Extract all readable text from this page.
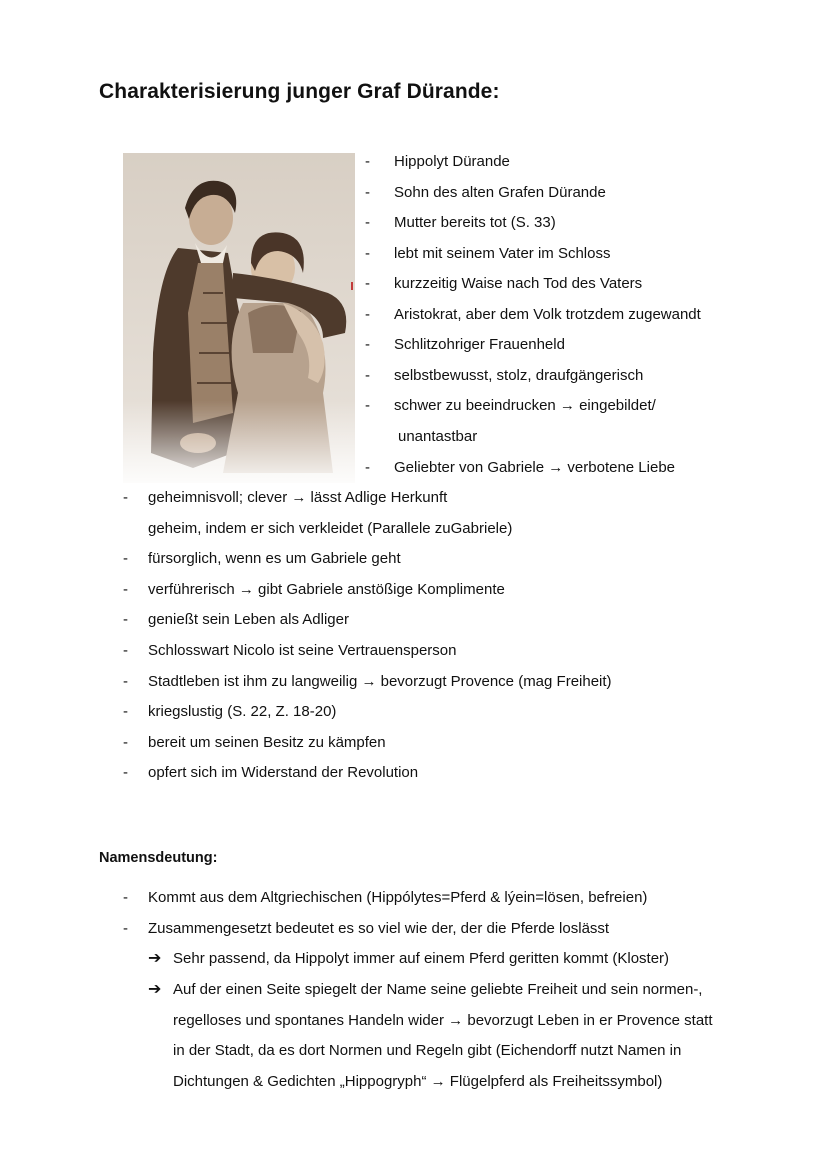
Charakterisierung junger Graf Dürande:
- Hippolyt Dürande
- Sohn des alten Grafen Dürande
- Mutter bereits tot (S. 33)
- lebt mit seinem Vater im Schloss
- kurzzeitig Waise nach Tod des Vaters
- Aristokrat, aber dem Volk trotzdem zugewandt
- Schlitzohriger Frauenheld
- selbstbewusst, stolz, draufgängerisch
- schwer zu beeindrucken → eingebildet/
unantastbar
- Geliebter von Gabriele → verbotene Liebe
- geheimnisvoll; clever → lässt Adlige Herkunft
geheim, indem er sich verkleidet (Parallele zuGabriele)
- fürsorglich, wenn es um Gabriele geht
- verführerisch → gibt Gabriele anstößige Komplimente
- genießt sein Leben als Adliger
- Schlosswart Nicolo ist seine Vertrauensperson
- Stadtleben ist ihm zu langweilig → bevorzugt Provence (mag Freiheit)
- kriegslustig (S. 22, Z. 18-20)
- bereit um seinen Besitz zu kämpfen
- opfert sich im Widerstand der Revolution
Namensdeutung:
- Kommt aus dem Altgriechischen (Hippólytes=Pferd & lýein=lösen, befreien)
- Zusammengesetzt bedeutet es so viel wie der, der die Pferde loslässt
➔ Sehr passend, da Hippolyt immer auf einem Pferd geritten kommt (Kloster)
➔ Auf der einen Seite spiegelt der Name seine geliebte Freiheit und sein normen-,
regelloses und spontanes Handeln wider → bevorzugt Leben in er Provence statt
in der Stadt, da es dort Normen und Regeln gibt (Eichendorff nutzt Namen in
Dichtungen & Gedichten „Hippogryph“ → Flügelpferd als Freiheitssymbol)
